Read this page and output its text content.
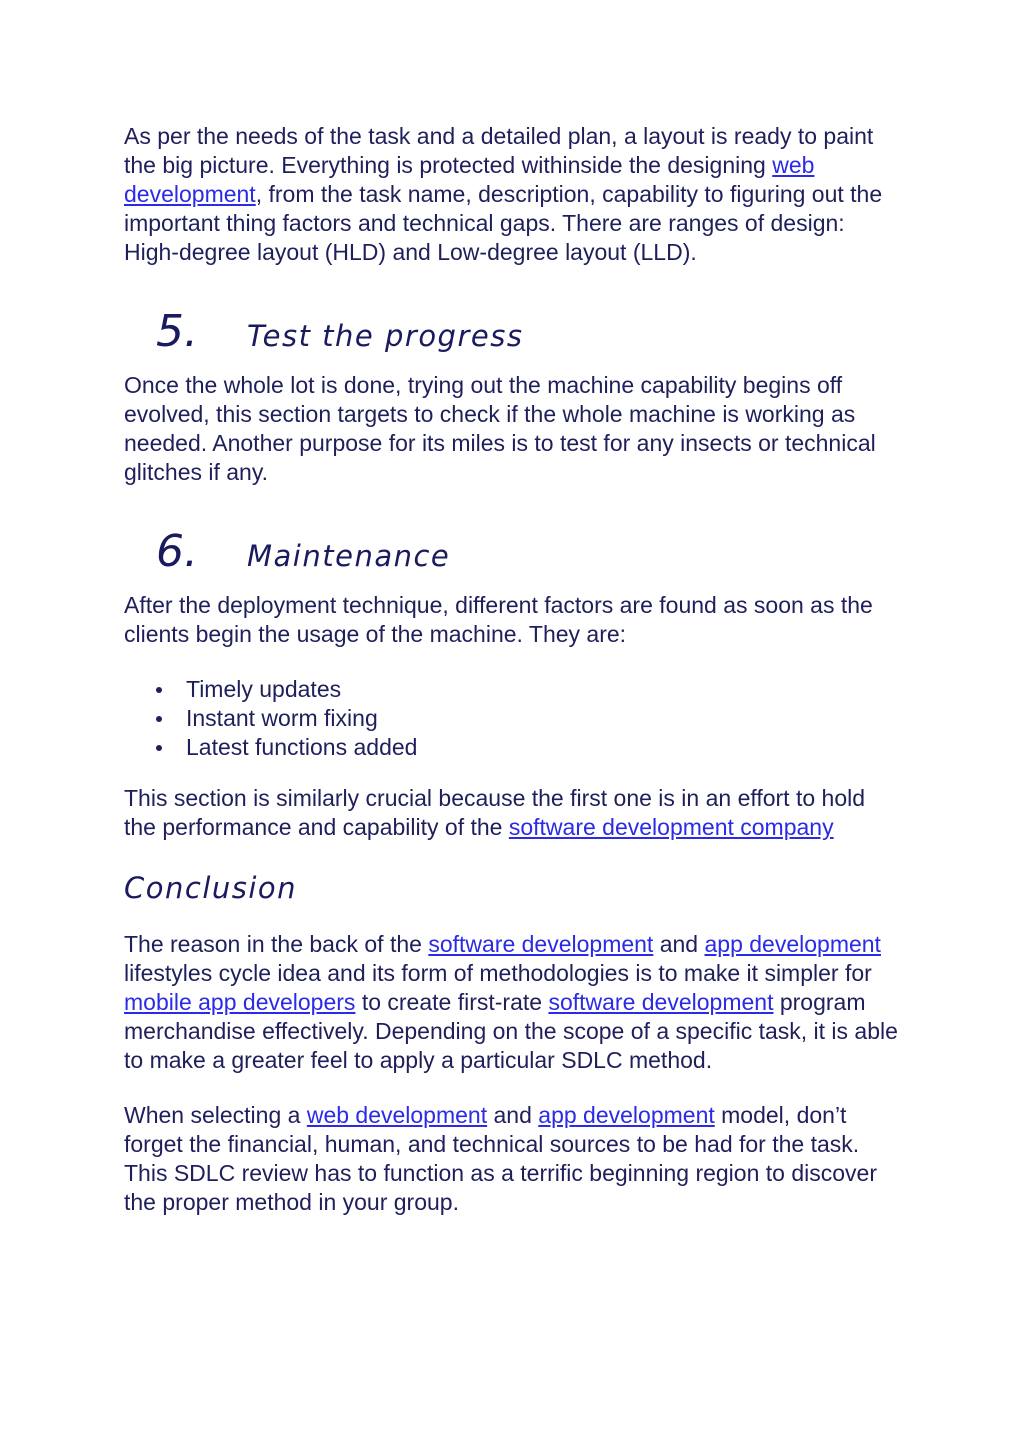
As per the needs of the task and a detailed plan, a layout is ready to paint the big picture. Everything is protected withinside the designing web development, from the task name, description, capability to figuring out the important thing factors and technical gaps. There are ranges of design: High-degree layout (HLD) and Low-degree layout (LLD).

5.	Test the progress

Once the whole lot is done, trying out the machine capability begins off evolved, this section targets to check if the whole machine is working as needed. Another purpose for its miles is to test for any insects or technical glitches if any.

6.	Maintenance

After the deployment technique, different factors are found as soon as the clients begin the usage of the machine. They are:

Timely updates
Instant worm fixing
Latest functions added

This section is similarly crucial because the first one is in an effort to hold the performance and capability of the software development company

Conclusion

The reason in the back of the software development and app development lifestyles cycle idea and its form of methodologies is to make it simpler for mobile app developers to create first-rate software development program merchandise effectively. Depending on the scope of a specific task, it is able to make a greater feel to apply a particular SDLC method.

When selecting a web development and app development model, don’t forget the financial, human, and technical sources to be had for the task. This SDLC review has to function as a terrific beginning region to discover the proper method in your group.
